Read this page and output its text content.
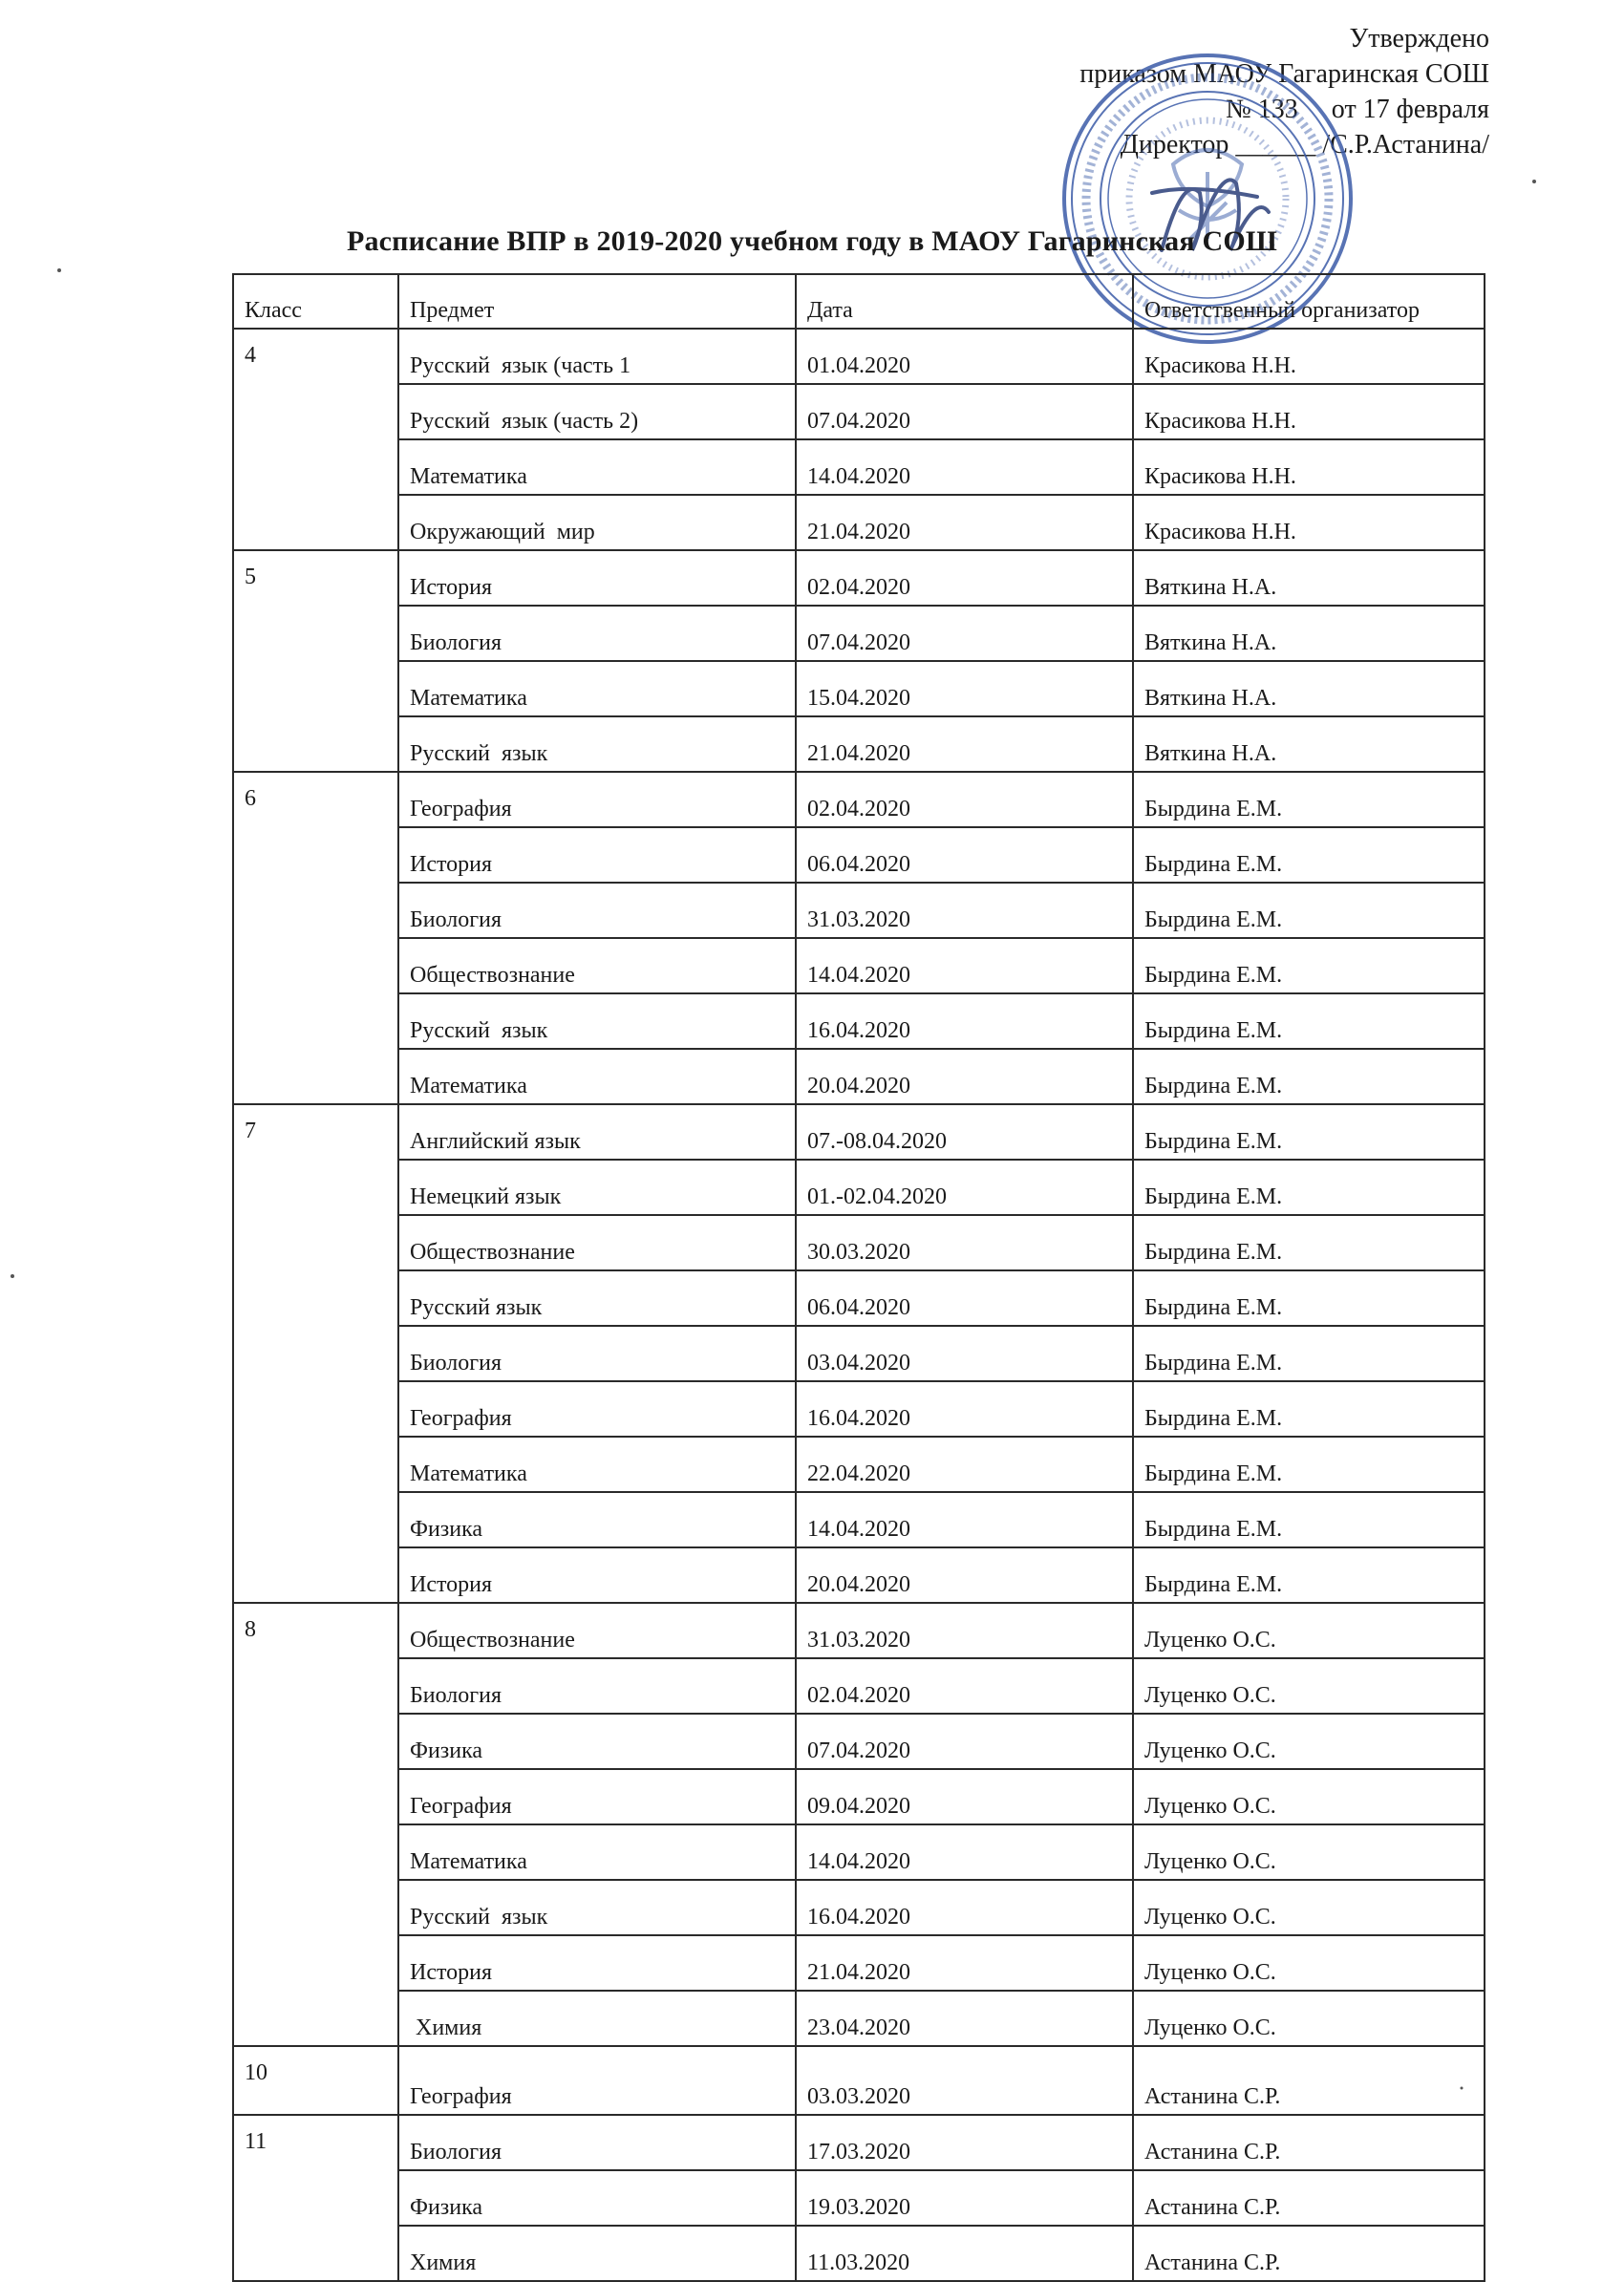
Утверждено
приказом МАОУ Гагаринская СОШ
№ 133     от 17 февраля
Директор ______ /С.Р.Астанина/
Расписание ВПР в 2019-2020 учебном году в МАОУ Гагаринская СОШ
Класс	Предмет	Дата	Ответственный организатор
4	Русский  язык (часть 1	01.04.2020	Красикова Н.Н.
	Русский  язык (часть 2)	07.04.2020	Красикова Н.Н.
	Математика	14.04.2020	Красикова Н.Н.
	Окружающий  мир	21.04.2020	Красикова Н.Н.
5	История	02.04.2020	Вяткина Н.А.
	Биология	07.04.2020	Вяткина Н.А.
	Математика	15.04.2020	Вяткина Н.А.
	Русский  язык	21.04.2020	Вяткина Н.А.
6	География	02.04.2020	Бырдина Е.М.
	История	06.04.2020	Бырдина Е.М.
	Биология	31.03.2020	Бырдина Е.М.
	Обществознание	14.04.2020	Бырдина Е.М.
	Русский  язык	16.04.2020	Бырдина Е.М.
	Математика	20.04.2020	Бырдина Е.М.
7	Английский язык	07.-08.04.2020	Бырдина Е.М.
	Немецкий язык	01.-02.04.2020	Бырдина Е.М.
	Обществознание	30.03.2020	Бырдина Е.М.
	Русский язык	06.04.2020	Бырдина Е.М.
	Биология	03.04.2020	Бырдина Е.М.
	География	16.04.2020	Бырдина Е.М.
	Математика	22.04.2020	Бырдина Е.М.
	Физика	14.04.2020	Бырдина Е.М.
	История	20.04.2020	Бырдина Е.М.
8	Обществознание	31.03.2020	Луценко О.С.
	Биология	02.04.2020	Луценко О.С.
	Физика	07.04.2020	Луценко О.С.
	География	09.04.2020	Луценко О.С.
	Математика	14.04.2020	Луценко О.С.
	Русский  язык	16.04.2020	Луценко О.С.
	История	21.04.2020	Луценко О.С.
	Химия	23.04.2020	Луценко О.С.
10	География	03.03.2020	Астанина С.Р.
11	Биология	17.03.2020	Астанина С.Р.
	Физика	19.03.2020	Астанина С.Р.
	Химия	11.03.2020	Астанина С.Р.
